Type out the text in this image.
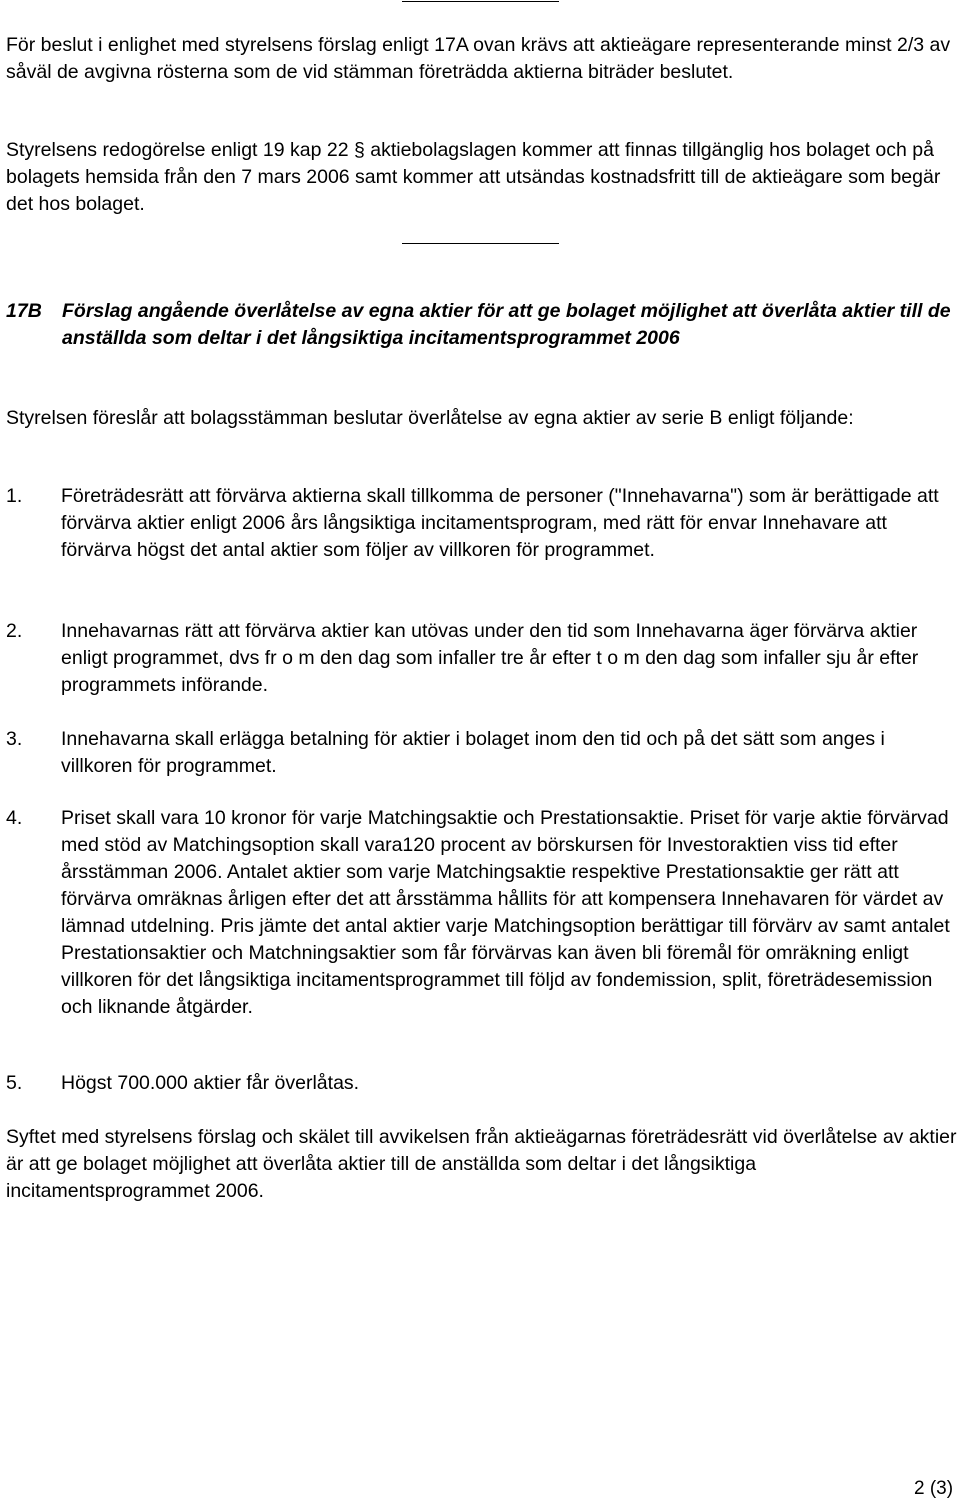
För beslut i enlighet med styrelsens förslag enligt 17A ovan krävs att aktieägare representerande minst 2/3 av såväl de avgivna rösterna som de vid stämman företrädda aktierna biträder beslutet.

Styrelsens redogörelse enligt 19 kap 22 § aktiebolagslagen kommer att finnas tillgänglig hos bolaget och på bolagets hemsida från den 7 mars 2006 samt kommer att utsändas kostnadsfritt till de aktieägare som begär det hos bolaget.

17B Förslag angående överlåtelse av egna aktier för att ge bolaget möjlighet att överlåta aktier till de anställda som deltar i det långsiktiga incitamentsprogrammet 2006

Styrelsen föreslår att bolagsstämman beslutar överlåtelse av egna aktier av serie B enligt följande:

1. Företrädesrätt att förvärva aktierna skall tillkomma de personer ("Innehavarna") som är berättigade att förvärva aktier enligt 2006 års långsiktiga incitamentsprogram, med rätt för envar Innehavare att förvärva högst det antal aktier som följer av villkoren för programmet.
2. Innehavarnas rätt att förvärva aktier kan utövas under den tid som Innehavarna äger förvärva aktier enligt programmet, dvs fr o m den dag som infaller tre år efter t o m den dag som infaller sju år efter programmets införande.
3. Innehavarna skall erlägga betalning för aktier i bolaget inom den tid och på det sätt som anges i villkoren för programmet.
4. Priset skall vara 10 kronor för varje Matchingsaktie och Prestationsaktie. Priset för varje aktie förvärvad med stöd av Matchingsoption skall vara120 procent av börskursen för Investoraktien viss tid efter årsstämman 2006. Antalet aktier som varje Matchingsaktie respektive Prestationsaktie ger rätt att förvärva omräknas årligen efter det att årsstämma hållits för att kompensera Innehavaren för värdet av lämnad utdelning. Pris jämte det antal aktier varje Matchingsoption berättigar till förvärv av samt antalet Prestationsaktier och Matchningsaktier som får förvärvas kan även bli föremål för omräkning enligt villkoren för det långsiktiga incitamentsprogrammet till följd av fondemission, split, företrädesemission och liknande åtgärder.
5. Högst 700.000 aktier får överlåtas.

Syftet med styrelsens förslag och skälet till avvikelsen från aktieägarnas företrädesrätt vid överlåtelse av aktier är att ge bolaget möjlighet att överlåta aktier till de anställda som deltar i det långsiktiga incitamentsprogrammet 2006.

2 (3)
